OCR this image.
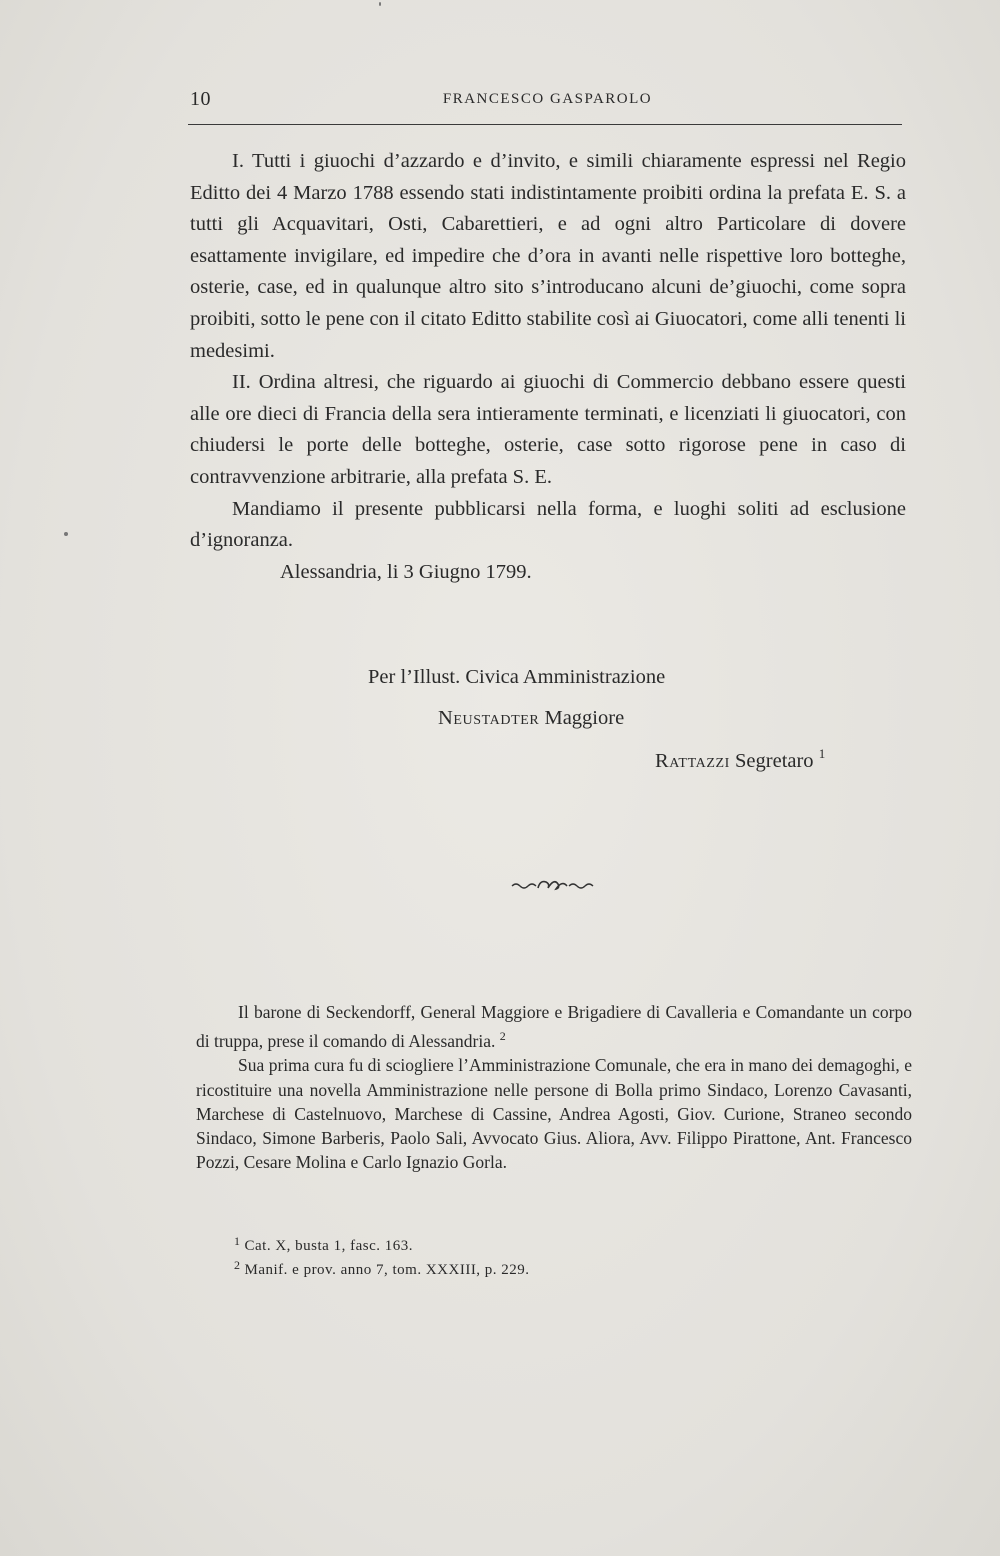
10	FRANCESCO GASPAROLO

I. Tutti i giuochi d’azzardo e d’invito, e simili chiaramente espressi nel Regio Editto dei 4 Marzo 1788 essendo stati indistintamente proibiti ordina la prefata E. S. a tutti gli Acquavitari, Osti, Cabarettieri, e ad ogni altro Particolare di dovere esattamente invigilare, ed impedire che d’ora in avanti nelle rispettive loro botteghe, osterie, case, ed in qualunque altro sito s’introducano alcuni de’giuochi, come sopra proibiti, sotto le pene con il citato Editto stabilite così ai Giuocatori, come alli tenenti li medesimi.

II. Ordina altresi, che riguardo ai giuochi di Commercio debbano essere questi alle ore dieci di Francia della sera intieramente terminati, e licenziati li giuocatori, con chiudersi le porte delle botteghe, osterie, case sotto rigorose pene in caso di contravvenzione arbitrarie, alla prefata S. E.

Mandiamo il presente pubblicarsi nella forma, e luoghi soliti ad esclusione d’ignoranza.

Alessandria, li 3 Giugno 1799.

Per l’Illust. Civica Amministrazione
Neustadter Maggiore
Rattazzi Segretaro $^1$

Il barone di Seckendorff, General Maggiore e Brigadiere di Cavalleria e Comandante un corpo di truppa, prese il comando di Alessandria. $^2$

Sua prima cura fu di sciogliere l’Amministrazione Comunale, che era in mano dei demagoghi, e ricostituire una novella Amministrazione nelle persone di Bolla primo Sindaco, Lorenzo Cavasanti, Marchese di Castelnuovo, Marchese di Cassine, Andrea Agosti, Giov. Curione, Straneo secondo Sindaco, Simone Barberis, Paolo Sali, Avvocato Gius. Aliora, Avv. Filippo Pirattone, Ant. Francesco Pozzi, Cesare Molina e Carlo Ignazio Gorla.

$^1$ Cat. X, busta 1, fasc. 163.
$^2$ Manif. e prov. anno 7, tom. XXXIII, p. 229.
